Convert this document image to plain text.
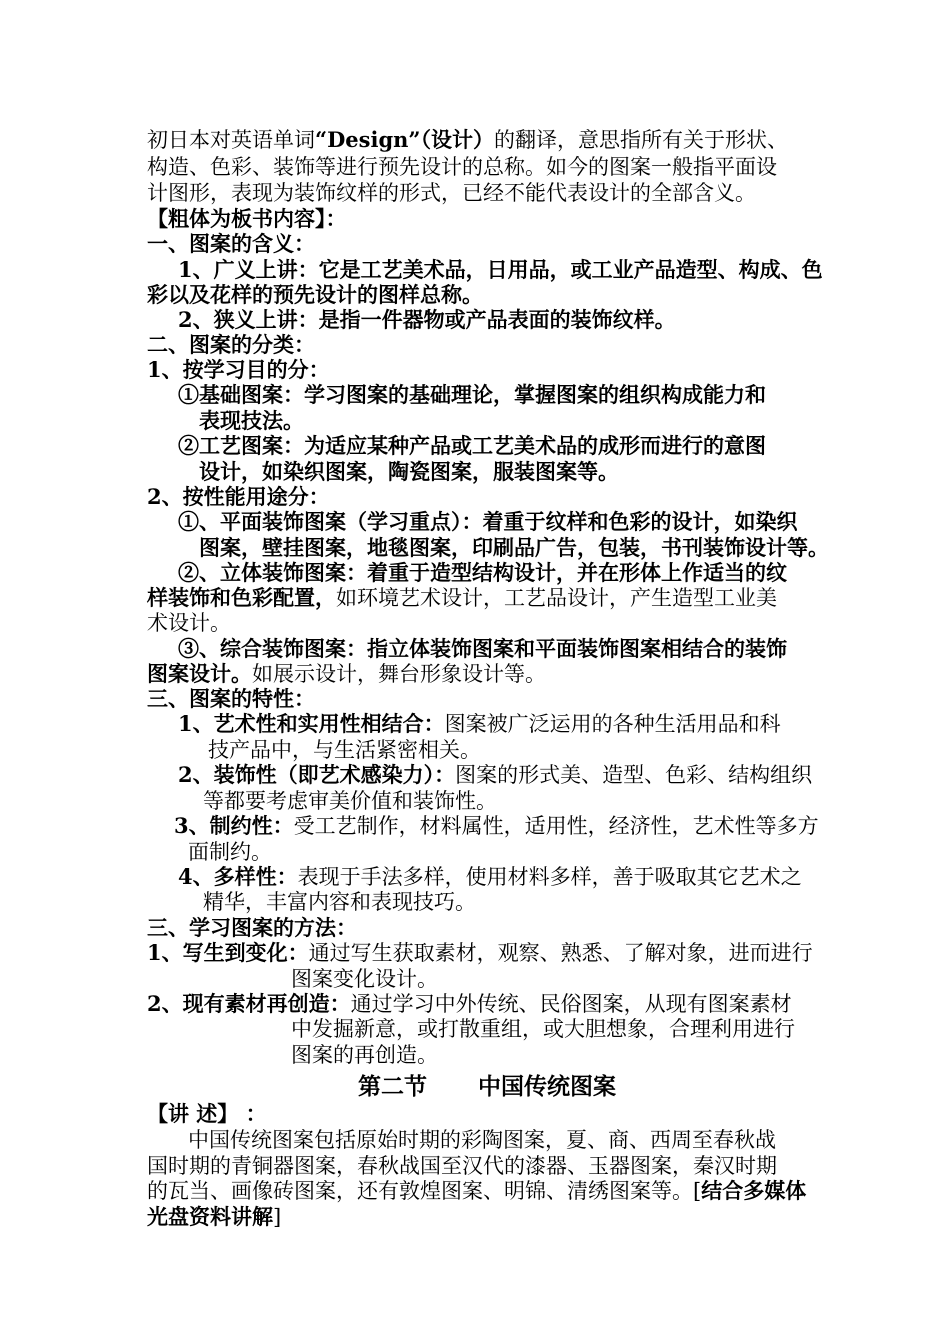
初日本对英语单词“Design”（设计）的翻译，意思指所有关于形状、
构造、色彩、装饰等进行预先设计的总称。如今的图案一般指平面设
计图形，表现为装饰纹样的形式，已经不能代表设计的全部含义。
【粗体为板书内容】：
一、图案的含义：
1、广义上讲：它是工艺美术品，日用品，或工业产品造型、构成、色
彩以及花样的预先设计的图样总称。
2、狭义上讲：是指一件器物或产品表面的装饰纹样。
二、图案的分类：
1、按学习目的分：
①基础图案：学习图案的基础理论，掌握图案的组织构成能力和
表现技法。
②工艺图案：为适应某种产品或工艺美术品的成形而进行的意图
设计，如染织图案，陶瓷图案，服装图案等。
2、按性能用途分：
①、平面装饰图案（学习重点）：着重于纹样和色彩的设计，如染织
图案，壁挂图案，地毯图案，印刷品广告，包装，书刊装饰设计等。
②、立体装饰图案：着重于造型结构设计，并在形体上作适当的纹
样装饰和色彩配置，如环境艺术设计，工艺品设计，产生造型工业美
术设计。
③、综合装饰图案：指立体装饰图案和平面装饰图案相结合的装饰
图案设计。如展示设计，舞台形象设计等。
三、图案的特性：
1、艺术性和实用性相结合：图案被广泛运用的各种生活用品和科
技产品中，与生活紧密相关。
2、装饰性（即艺术感染力）：图案的形式美、造型、色彩、结构组织
等都要考虑审美价值和装饰性。
3、制约性：受工艺制作，材料属性，适用性，经济性，艺术性等多方
面制约。
4、多样性：表现于手法多样，使用材料多样，善于吸取其它艺术之
精华，丰富内容和表现技巧。
三、学习图案的方法：
1、写生到变化：通过写生获取素材，观察、熟悉、了解对象，进而进行
图案变化设计。
2、现有素材再创造：通过学习中外传统、民俗图案，从现有图案素材
中发掘新意，或打散重组，或大胆想象，合理利用进行
图案的再创造。
第二节 中国传统图案
【讲 述】 ：
中国传统图案包括原始时期的彩陶图案，夏、商、西周至春秋战
国时期的青铜器图案，春秋战国至汉代的漆器、玉器图案，秦汉时期
的瓦当、画像砖图案，还有敦煌图案、明锦、清绣图案等。[结合多媒体
光盘资料讲解]
